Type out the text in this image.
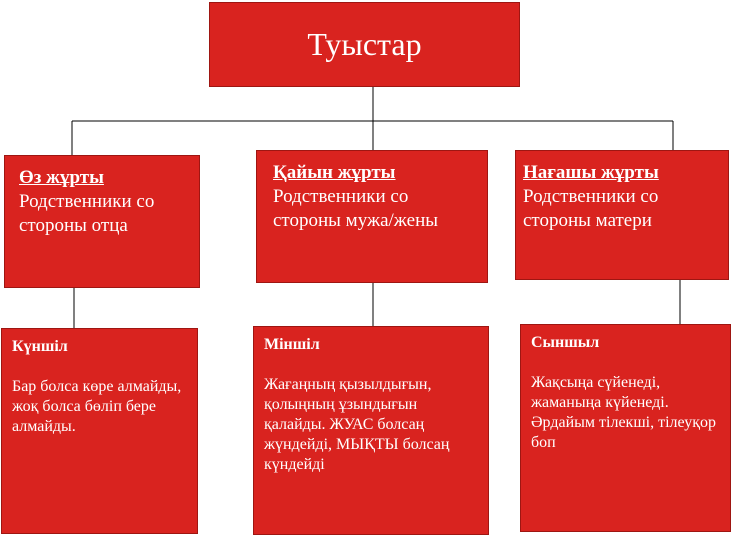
Туыстар
Өз жұрты
Родственники со стороны отца
Қайын жұрты
Родственники со стороны мужа/жены
Нағашы жұрты
Родственники со стороны матери
Күншіл
Бар болса көре алмайды, жоқ болса бөліп бере алмайды.
Міншіл
Жағаңның қызылдығын, қолыңның ұзындығын қалайды. ЖУАС болсаң жүндейді, МЫҚТЫ болсаң күндейді
Сыншыл
Жақсыңа сүйенеді, жаманыңа күйенеді. Әрдайым тілекші, тілеуқор боп
